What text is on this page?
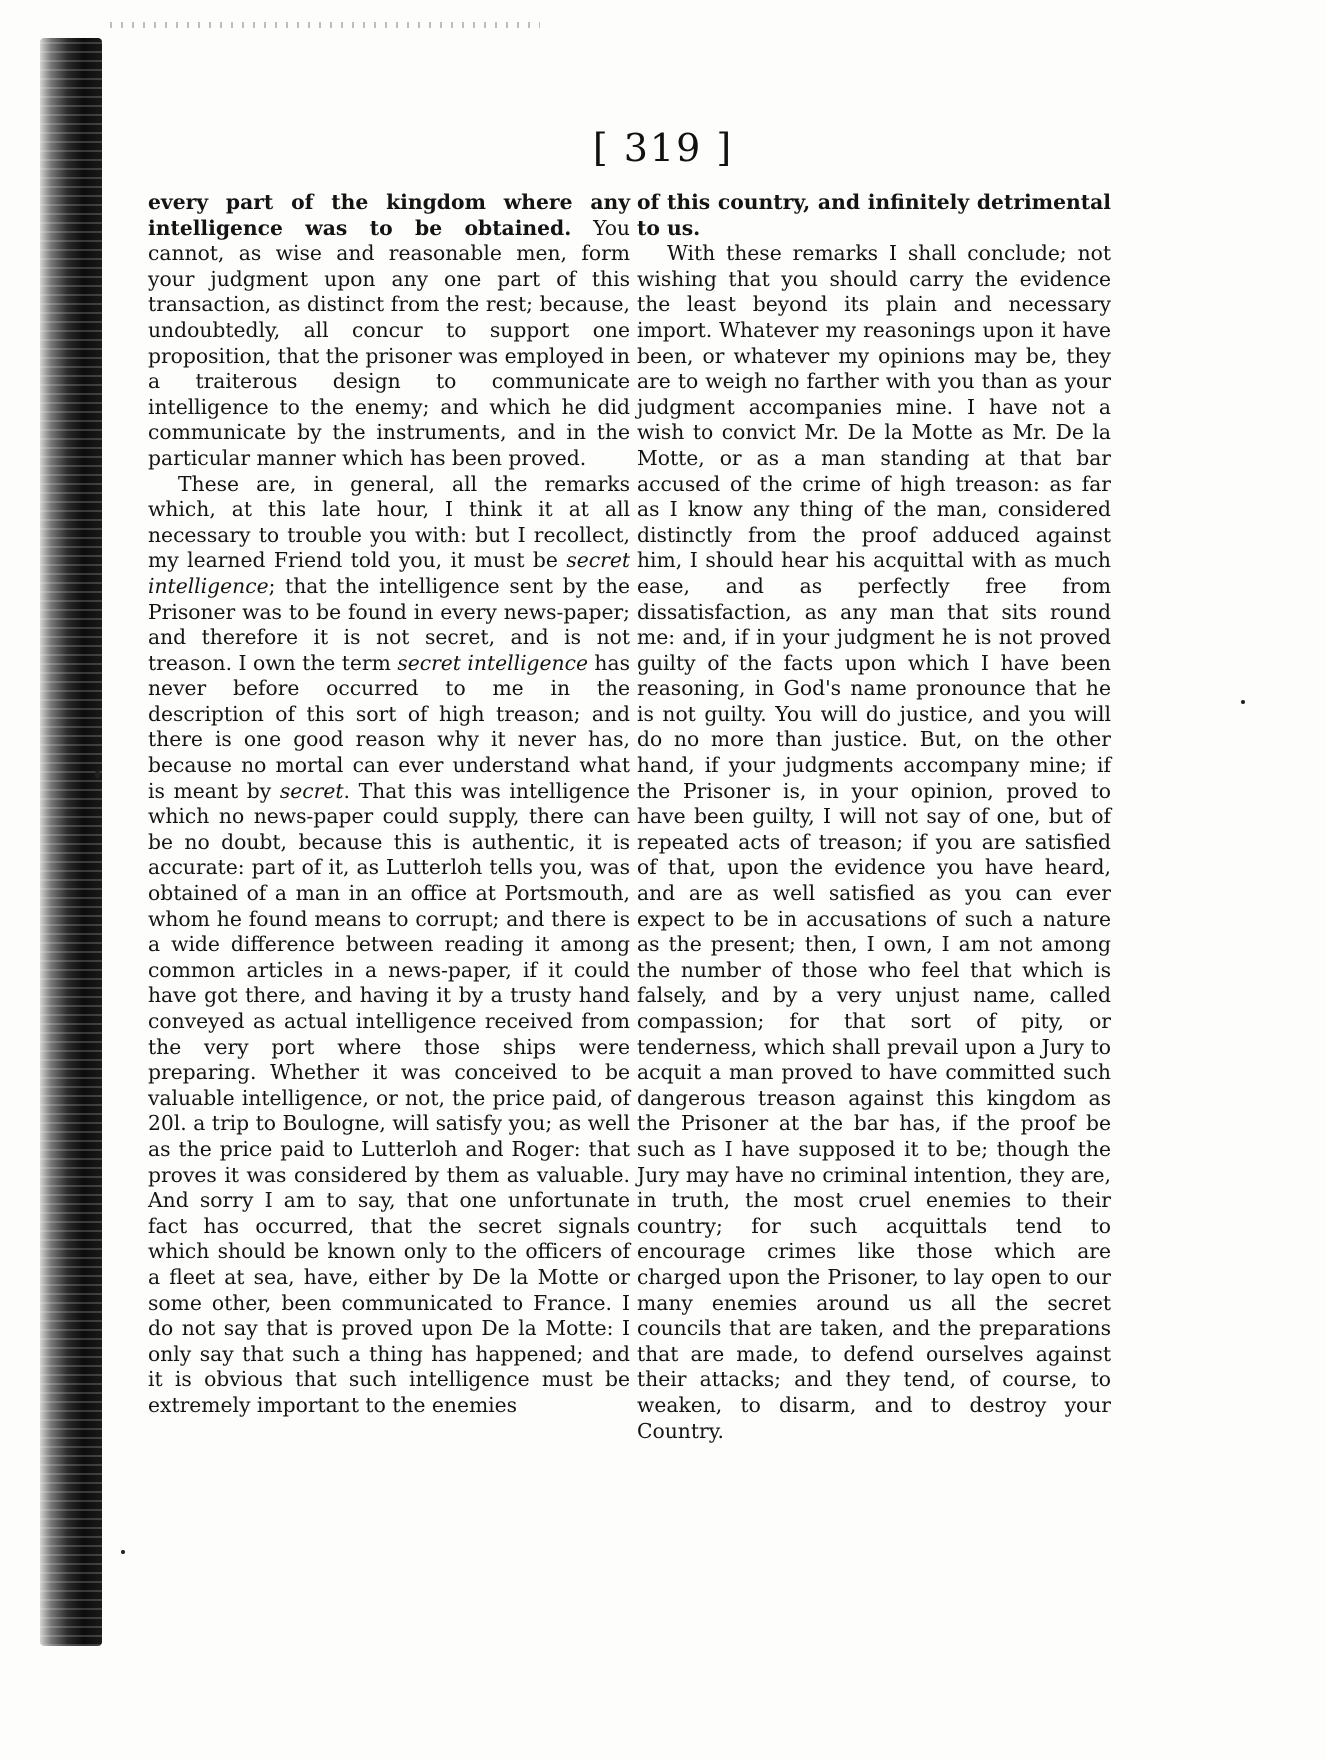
[ 319 ]

every part of the kingdom where any intelligence was to be obtained. You cannot, as wise and reasonable men, form your judgment upon any one part of this transaction, as distinct from the rest; because, undoubtedly, all concur to support one proposition, that the prisoner was employed in a traiterous design to communicate intelligence to the enemy; and which he did communicate by the instruments, and in the particular manner which has been proved.

These are, in general, all the remarks which, at this late hour, I think it at all necessary to trouble you with: but I recollect, my learned Friend told you, it must be secret intelligence; that the intelligence sent by the Prisoner was to be found in every news-paper; and therefore it is not secret, and is not treason. I own the term secret intelligence has never before occurred to me in the description of this sort of high treason; and there is one good reason why it never has, because no mortal can ever understand what is meant by secret. That this was intelligence which no news-paper could supply, there can be no doubt, because this is authentic, it is accurate: part of it, as Lutterloh tells you, was obtained of a man in an office at Portsmouth, whom he found means to corrupt; and there is a wide difference between reading it among common articles in a news-paper, if it could have got there, and having it by a trusty hand conveyed as actual intelligence received from the very port where those ships were preparing. Whether it was conceived to be valuable intelligence, or not, the price paid, of 20l. a trip to Boulogne, will satisfy you; as well as the price paid to Lutterloh and Roger: that proves it was considered by them as valuable. And sorry I am to say, that one unfortunate fact has occurred, that the secret signals which should be known only to the officers of a fleet at sea, have, either by De la Motte or some other, been communicated to France. I do not say that is proved upon De la Motte: I only say that such a thing has happened; and it is obvious that such intelligence must be extremely important to the enemies

of this country, and infinitely detrimental to us.

With these remarks I shall conclude; not wishing that you should carry the evidence the least beyond its plain and necessary import. Whatever my reasonings upon it have been, or whatever my opinions may be, they are to weigh no farther with you than as your judgment accompanies mine. I have not a wish to convict Mr. De la Motte as Mr. De la Motte, or as a man standing at that bar accused of the crime of high treason: as far as I know any thing of the man, considered distinctly from the proof adduced against him, I should hear his acquittal with as much ease, and as perfectly free from dissatisfaction, as any man that sits round me: and, if in your judgment he is not proved guilty of the facts upon which I have been reasoning, in God's name pronounce that he is not guilty. You will do justice, and you will do no more than justice. But, on the other hand, if your judgments accompany mine; if the Prisoner is, in your opinion, proved to have been guilty, I will not say of one, but of repeated acts of treason; if you are satisfied of that, upon the evidence you have heard, and are as well satisfied as you can ever expect to be in accusations of such a nature as the present; then, I own, I am not among the number of those who feel that which is falsely, and by a very unjust name, called compassion; for that sort of pity, or tenderness, which shall prevail upon a Jury to acquit a man proved to have committed such dangerous treason against this kingdom as the Prisoner at the bar has, if the proof be such as I have supposed it to be; though the Jury may have no criminal intention, they are, in truth, the most cruel enemies to their country; for such acquittals tend to encourage crimes like those which are charged upon the Prisoner, to lay open to our many enemies around us all the secret councils that are taken, and the preparations that are made, to defend ourselves against their attacks; and they tend, of course, to weaken, to disarm, and to destroy your Country.
